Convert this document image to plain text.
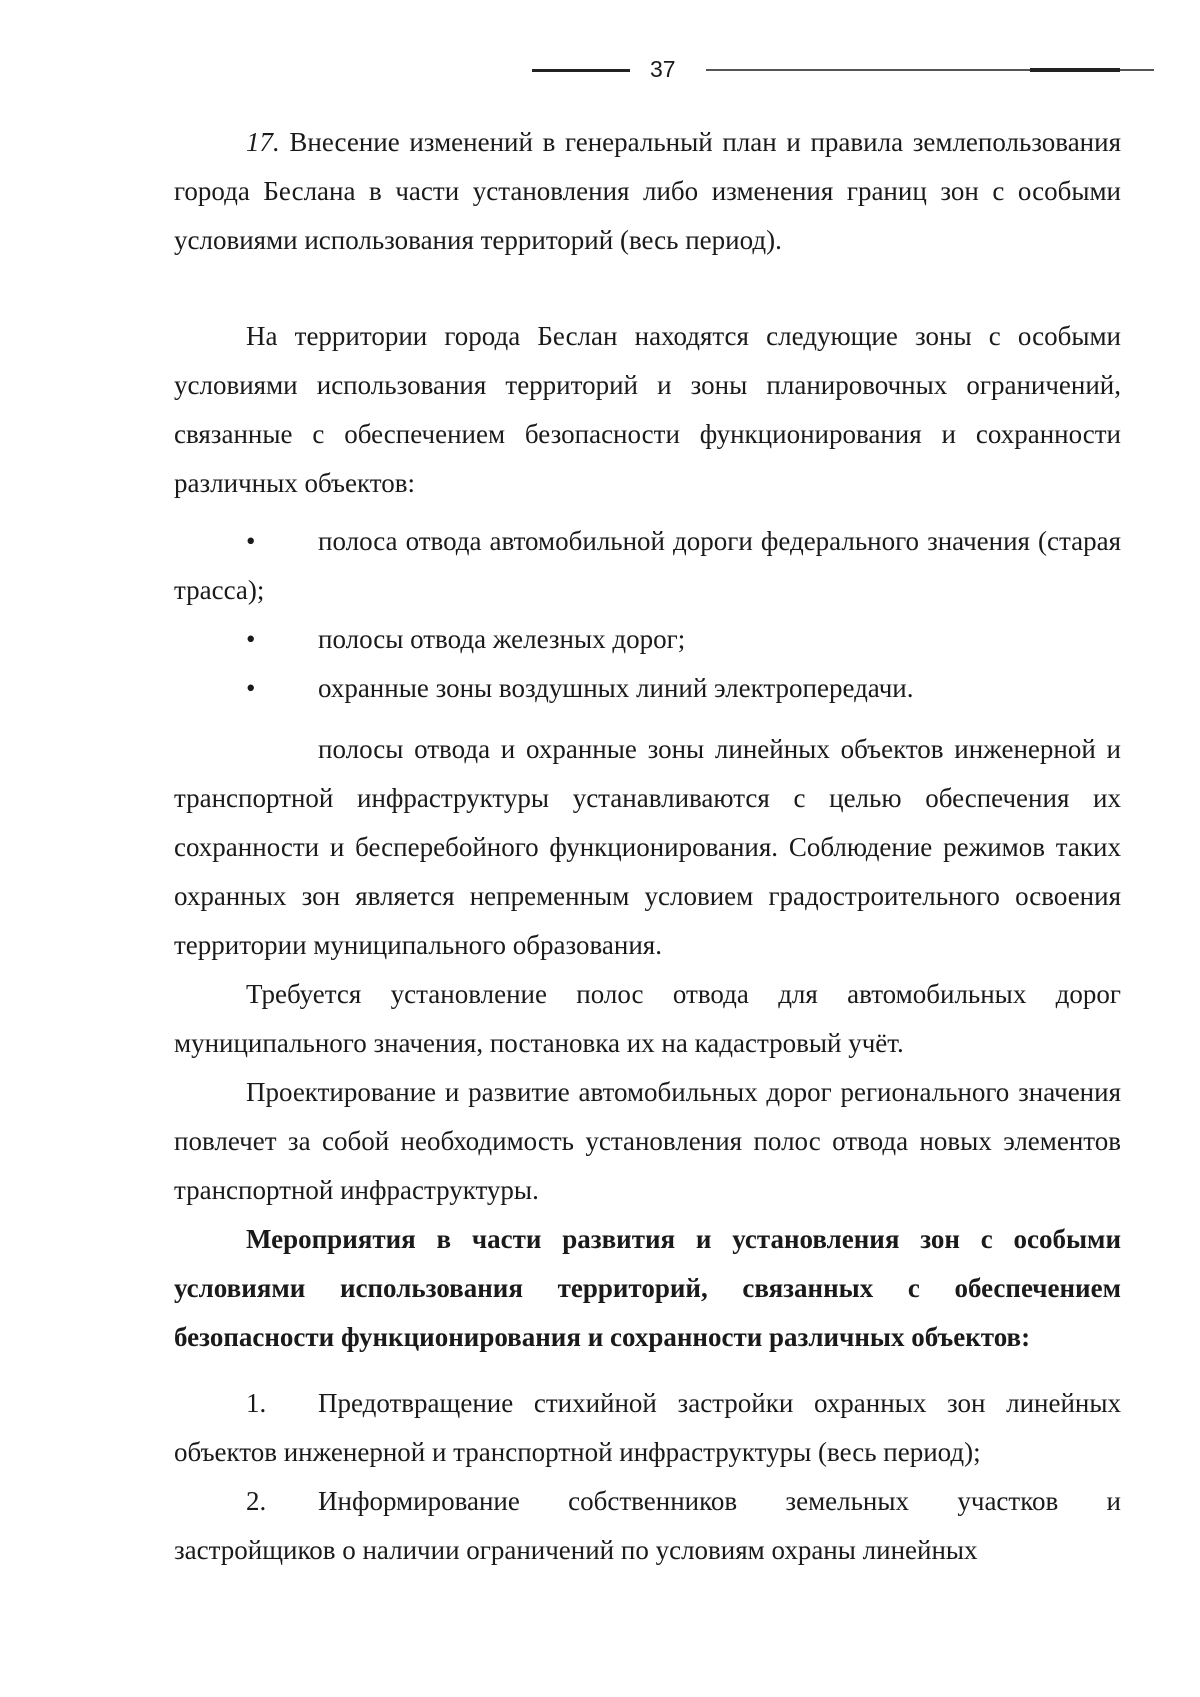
37

17. Внесение изменений в генеральный план и правила землепользования города Беслана в части установления либо изменения границ зон с особыми условиями использования территорий (весь период).

На территории города Беслан находятся следующие зоны с особыми условиями использования территорий и зоны планировочных ограничений, связанные с обеспечением безопасности функционирования и сохранности различных объектов:

•	полоса отвода автомобильной дороги федерального значения (старая трасса);

•	полосы отвода железных дорог;

•	охранные зоны воздушных линий электропередачи.

полосы отвода и охранные зоны линейных объектов инженерной и транспортной инфраструктуры устанавливаются с целью обеспечения их сохранности и бесперебойного функционирования. Соблюдение режимов таких охранных зон является непременным условием градостроительного освоения территории муниципального образования.

Требуется установление полос отвода для автомобильных дорог муниципального значения, постановка их на кадастровый учёт.

Проектирование и развитие автомобильных дорог регионального значения повлечет за собой необходимость установления полос отвода новых элементов транспортной инфраструктуры.

Мероприятия в части развития и установления зон с особыми условиями использования территорий, связанных с обеспечением безопасности функционирования и сохранности различных объектов:

1. Предотвращение стихийной застройки охранных зон линейных объектов инженерной и транспортной инфраструктуры (весь период);

2. Информирование собственников земельных участков и застройщиков о наличии ограничений по условиям охраны линейных
